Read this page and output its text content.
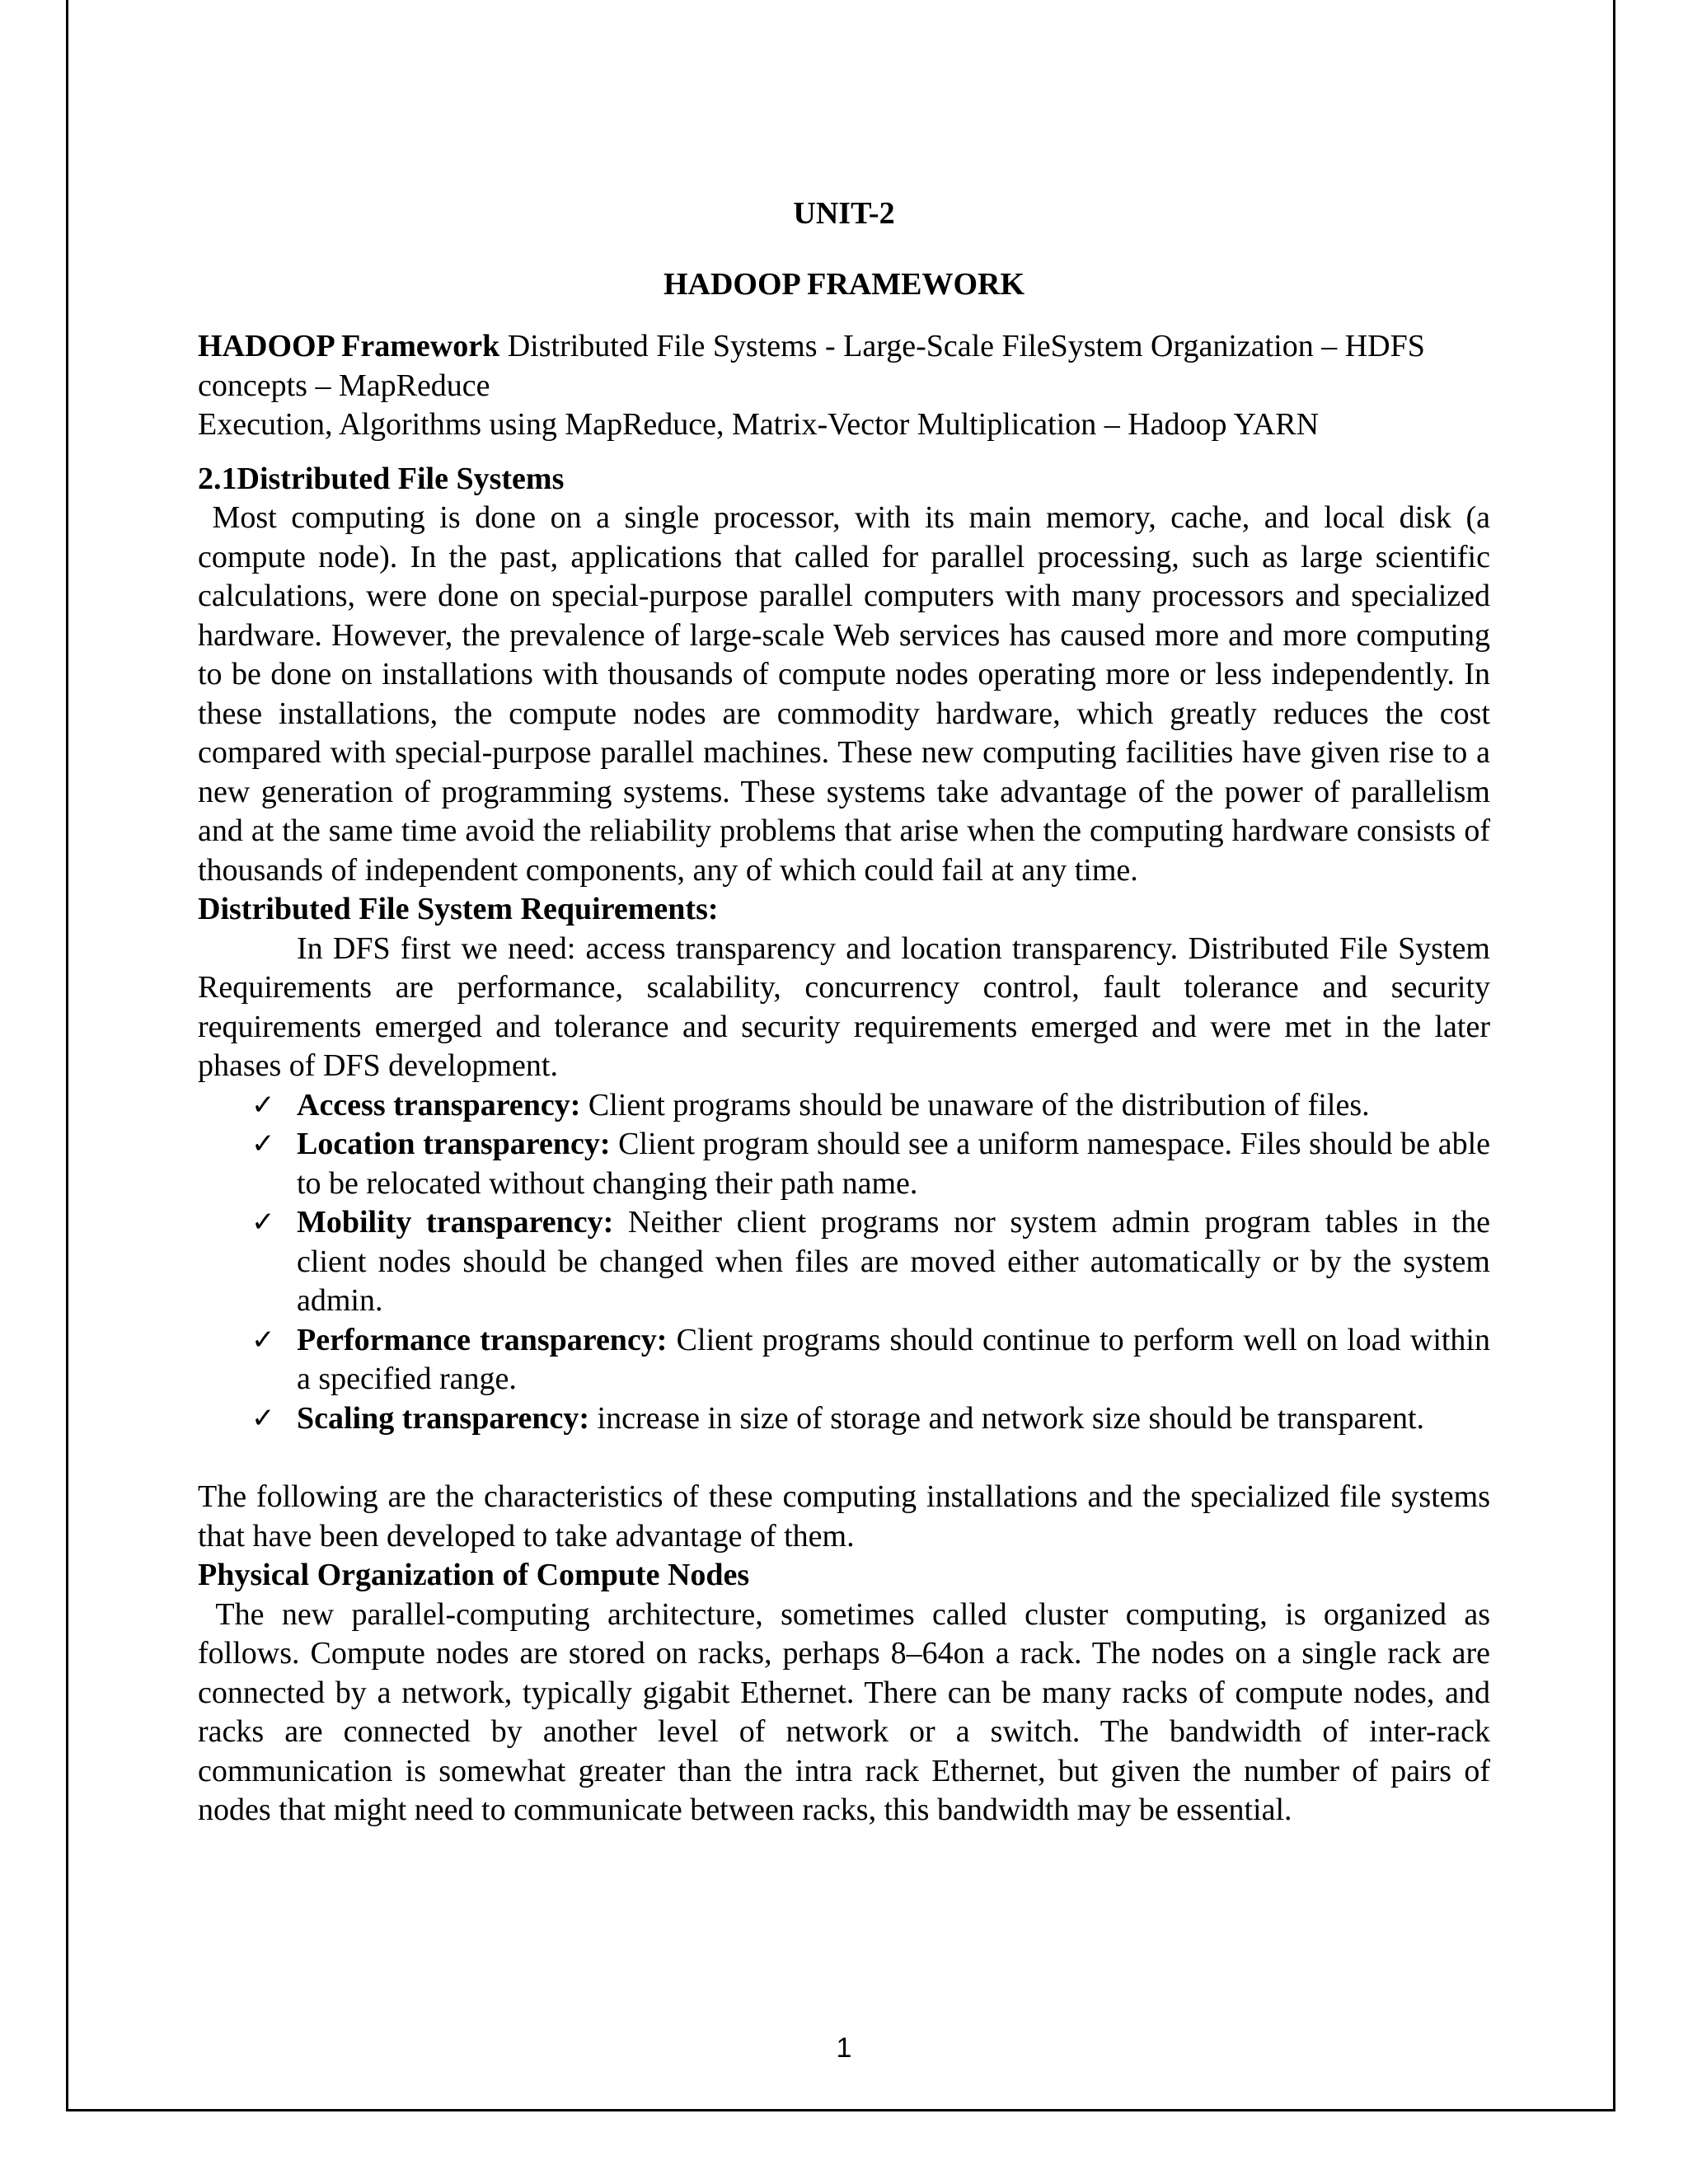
UNIT-2

HADOOP FRAMEWORK

HADOOP Framework Distributed File Systems - Large-Scale FileSystem Organization – HDFS concepts – MapReduce

Execution, Algorithms using MapReduce, Matrix-Vector Multiplication – Hadoop YARN

2.1Distributed File Systems

Most computing is done on a single processor, with its main memory, cache, and local disk (a compute node). In the past, applications that called for parallel processing, such as large scientific calculations, were done on special-purpose parallel computers with many processors and specialized hardware. However, the prevalence of large-scale Web services has caused more and more computing to be done on installations with thousands of compute nodes operating more or less independently. In these installations, the compute nodes are commodity hardware, which greatly reduces the cost compared with special-purpose parallel machines. These new computing facilities have given rise to a new generation of programming systems. These systems take advantage of the power of parallelism and at the same time avoid the reliability problems that arise when the computing hardware consists of thousands of independent components, any of which could fail at any time.

Distributed File System Requirements:

In DFS first we need: access transparency and location transparency. Distributed File System Requirements are performance, scalability, concurrency control, fault tolerance and security requirements emerged and tolerance and security requirements emerged and were met in the later phases of DFS development.

✓ Access transparency: Client programs should be unaware of the distribution of files.
✓ Location transparency: Client program should see a uniform namespace. Files should be able to be relocated without changing their path name.
✓ Mobility transparency: Neither client programs nor system admin program tables in the client nodes should be changed when files are moved either automatically or by the system admin.
✓ Performance transparency: Client programs should continue to perform well on load within a specified range.
✓ Scaling transparency: increase in size of storage and network size should be transparent.

The following are the characteristics of these computing installations and the specialized file systems that have been developed to take advantage of them.

Physical Organization of Compute Nodes

The new parallel-computing architecture, sometimes called cluster computing, is organized as follows. Compute nodes are stored on racks, perhaps 8–64on a rack. The nodes on a single rack are connected by a network, typically gigabit Ethernet. There can be many racks of compute nodes, and racks are connected by another level of network or a switch. The bandwidth of inter-rack communication is somewhat greater than the intra rack Ethernet, but given the number of pairs of nodes that might need to communicate between racks, this bandwidth may be essential.

1
